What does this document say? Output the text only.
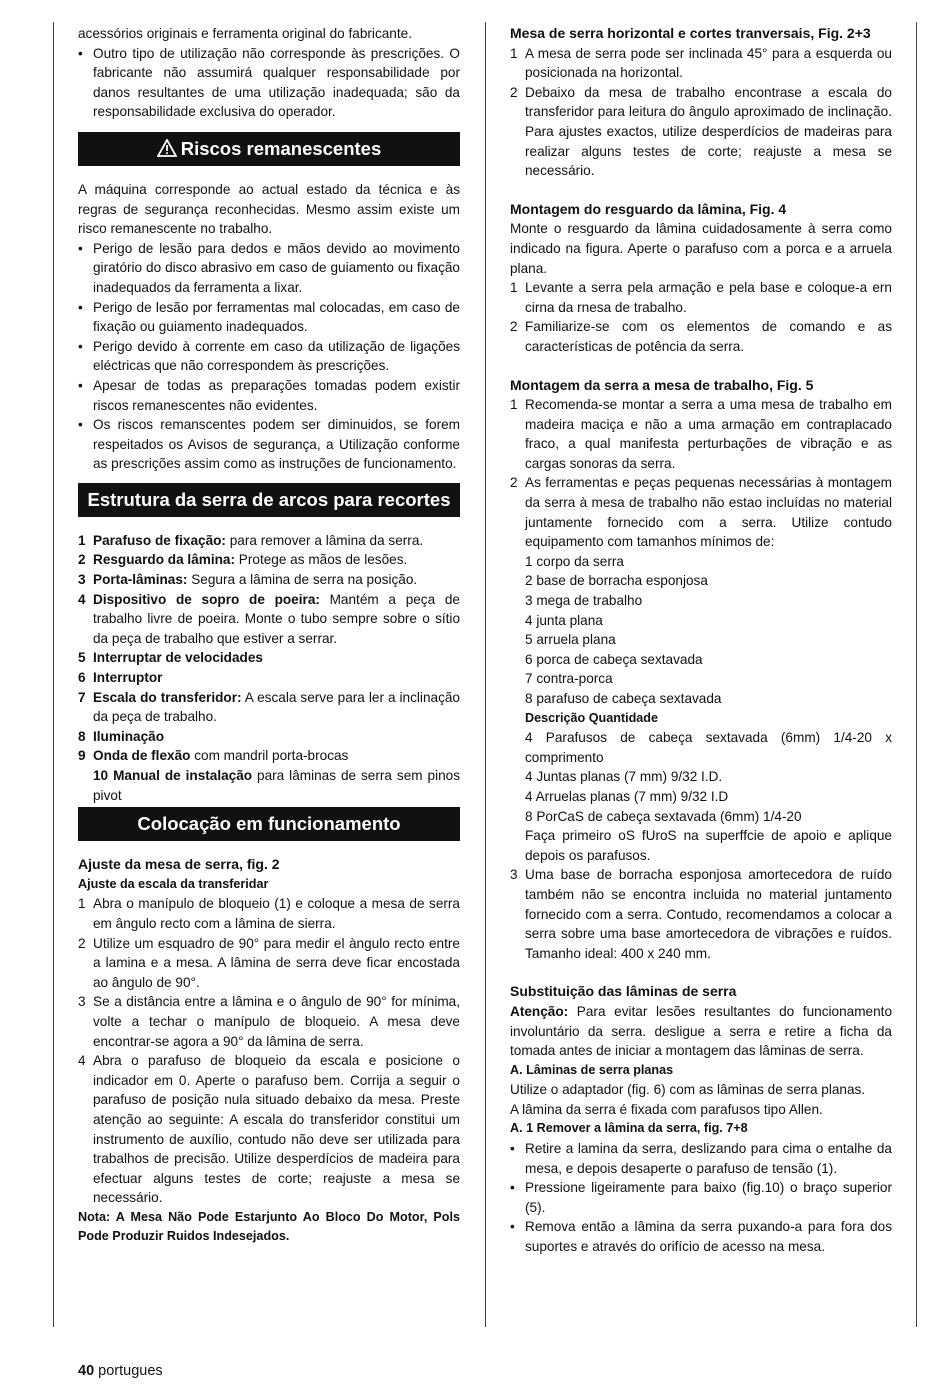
acessórios originais e ferramenta original do fabricante.

• Outro tipo de utilização não corresponde às prescrições. O fabricante não assumirá qualquer responsabilidade por danos resultantes de uma utilização inadequada; são da responsabilidade exclusiva do operador.
Riscos remanescentes

A máquina corresponde ao actual estado da técnica e às regras de segurança reconhecidas. Mesmo assim existe um risco remanescente no trabalho.

• Perigo de lesão para dedos e mãos devido ao movimento giratório do disco abrasivo em caso de guiamento ou fixação inadequados da ferramenta a lixar.
• Perigo de lesão por ferramentas mal colocadas, em caso de fixação ou guiamento inadequados.
• Perigo devido à corrente em caso da utilização de ligações eléctricas que não correspondem às prescrições.
• Apesar de todas as preparações tomadas podem existir riscos remanescentes não evidentes.
• Os riscos remanscentes podem ser diminuidos, se forem respeitados os Avisos de segurança, a Utilização conforme as prescrições assim como as instruções de funcionamento.
Estrutura da serra de arcos para recortes
1 Parafuso de fixação: para remover a lâmina da serra.
2 Resguardo da lâmina: Protege as mãos de lesões.
3 Porta-lâminas: Segura a lâmina de serra na posição.
4 Dispositivo de sopro de poeira: Mantém a peça de trabalho livre de poeira. Monte o tubo sempre sobre o sítio da peça de trabalho que estiver a serrar.
5 Interruptar de velocidades
6 Interruptor
7 Escala do transferidor: A escala serve para ler a inclinação da peça de trabalho.
8 Iluminação
9 Onda de flexão com mandril porta-brocas
10 Manual de instalação para lâminas de serra sem pinos pivot
Colocação em funcionamento
Ajuste da mesa de serra, fig. 2
Ajuste da escala da transferidar
1 Abra o manípulo de bloqueio (1) e coloque a mesa de serra em ângulo recto com a lâmina de sierra.
2 Utilize um esquadro de 90° para medir el àngulo recto entre a lamina e a mesa. A lâmina de serra deve ficar encostada ao ângulo de 90°.
3 Se a distância entre a lâmina e o ângulo de 90° for mínima, volte a techar o manípulo de bloqueio. A mesa deve encontrar-se agora a 90° da lâmina de serra.
4 Abra o parafuso de bloqueio da escala e posicione o indicador em 0. Aperte o parafuso bem. Corrija a seguir o parafuso de posição nula situado debaixo da mesa. Preste atenção ao seguinte: A escala do transferidor constitui um instrumento de auxílio, contudo não deve ser utilizada para trabalhos de precisão. Utilize desperdícios de madeira para efectuar alguns testes de corte; reajuste a mesa se necessário.

Nota: A Mesa Não Pode Estarjunto Ao Bloco Do Motor, Pols Pode Produzir Ruidos Indesejados.

Mesa de serra horizontal e cortes tranversais, Fig. 2+3
1 A mesa de serra pode ser inclinada 45° para a esquerda ou posicionada na horizontal.
2 Debaixo da mesa de trabalho encontrase a escala do transferidor para leitura do ângulo aproximado de inclinação. Para ajustes exactos, utilize desperdícios de madeiras para realizar alguns testes de corte; reajuste a mesa se necessário.
Montagem do resguardo da lâmina, Fig. 4

Monte o resguardo da lâmina cuidadosamente à serra como indicado na figura. Aperte o parafuso com a porca e a arruela plana.

1 Levante a serra pela armação e pela base e coloque-a ern cirna da rnesa de trabalho.
2 Familiarize-se com os elementos de comando e as características de potência da serra.
Montagem da serra a mesa de trabalho, Fig. 5
1 Recomenda-se montar a serra a uma mesa de trabalho em madeira maciça e não a uma armação em contraplacado fraco, a qual manifesta perturbações de vibração e as cargas sonoras da serra.
2 As ferramentas e peças pequenas necessárias à montagem da serra à mesa de trabalho não estao incluídas no material juntamente fornecido com a serra. Utilize contudo equipamento com tamanhos mínimos de:
1 corpo da serra
2 base de borracha esponjosa
3 mega de trabalho
4 junta plana
5 arruela plana
6 porca de cabeça sextavada
7 contra-porca
8 parafuso de cabeça sextavada
Descrição Quantidade
4 Parafusos de cabeça sextavada (6mm) 1/4-20 x comprimento
4 Juntas planas (7 mm) 9/32 I.D.
4 Arruelas planas (7 mm) 9/32 I.D
8 PorCaS de cabeça sextavada (6mm) 1/4-20
Faça primeiro oS fUroS na superffcie de apoio e aplique depois os parafusos.
3 Uma base de borracha esponjosa amortecedora de ruído também não se encontra incluida no material juntamento fornecido com a serra. Contudo, recomendamos a colocar a serra sobre uma base amortecedora de vibrações e ruídos. Tamanho ideal: 400 x 240 mm.
Substituição das lâminas de serra

Atenção: Para evitar lesões resultantes do funcionamento involuntário da serra. desligue a serra e retire a ficha da tomada antes de iniciar a montagem das lâminas de serra.

A. Lâminas de serra planas

Utilize o adaptador (fig. 6) com as lâminas de serra planas.

A lâmina da serra é fixada com parafusos tipo Allen.

A. 1 Remover a lâmina da serra, fig. 7+8
• Retire a lamina da serra, deslizando para cima o entalhe da mesa, e depois desaperte o parafuso de tensão (1).
• Pressione ligeiramente para baixo (fig.10) o braço superior (5).
• Remova então a lâmina da serra puxando-a para fora dos suportes e através do orifício de acesso na mesa.
40 portugues
